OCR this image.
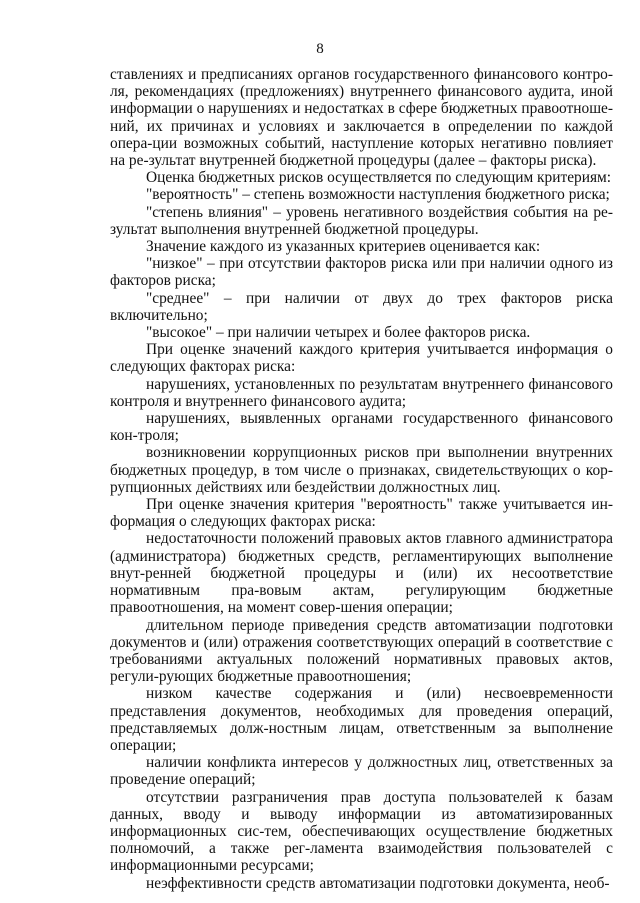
8

ставлениях и предписаниях органов государственного финансового контро-ля, рекомендациях (предложениях) внутреннего финансового аудита, иной информации о нарушениях и недостатках в сфере бюджетных правоотноше-ний, их причинах и условиях и заключается в определении по каждой опера-ции возможных событий, наступление которых негативно повлияет на ре-зультат внутренней бюджетной процедуры (далее – факторы риска).

Оценка бюджетных рисков осуществляется по следующим критериям:

"вероятность" – степень возможности наступления бюджетного риска;

"степень влияния" – уровень негативного воздействия события на ре-зультат выполнения внутренней бюджетной процедуры.

Значение каждого из указанных критериев оценивается как:

"низкое" – при отсутствии факторов риска или при наличии одного из факторов риска;

"среднее" – при наличии от двух до трех факторов риска включительно;

"высокое" – при наличии четырех и более факторов риска.

При оценке значений каждого критерия учитывается информация о следующих факторах риска:

нарушениях, установленных по результатам внутреннего финансового контроля и внутреннего финансового аудита;

нарушениях, выявленных органами государственного финансового кон-троля;

возникновении коррупционных рисков при выполнении внутренних бюджетных процедур, в том числе о признаках, свидетельствующих о кор-рупционных действиях или бездействии должностных лиц.

При оценке значения критерия "вероятность" также учитывается ин-формация о следующих факторах риска:

недостаточности положений правовых актов главного администратора (администратора) бюджетных средств, регламентирующих выполнение внут-ренней бюджетной процедуры и (или) их несоответствие нормативным пра-вовым актам, регулирующим бюджетные правоотношения, на момент совер-шения операции;

длительном периоде приведения средств автоматизации подготовки документов и (или) отражения соответствующих операций в соответствие с требованиями актуальных положений нормативных правовых актов, регули-рующих бюджетные правоотношения;

низком качестве содержания и (или) несвоевременности представления документов, необходимых для проведения операций, представляемых долж-ностным лицам, ответственным за выполнение операции;

наличии конфликта интересов у должностных лиц, ответственных за проведение операций;

отсутствии разграничения прав доступа пользователей к базам данных, вводу и выводу информации из автоматизированных информационных сис-тем, обеспечивающих осуществление бюджетных полномочий, а также рег-ламента взаимодействия пользователей с информационными ресурсами;

неэффективности средств автоматизации подготовки документа, необ-
